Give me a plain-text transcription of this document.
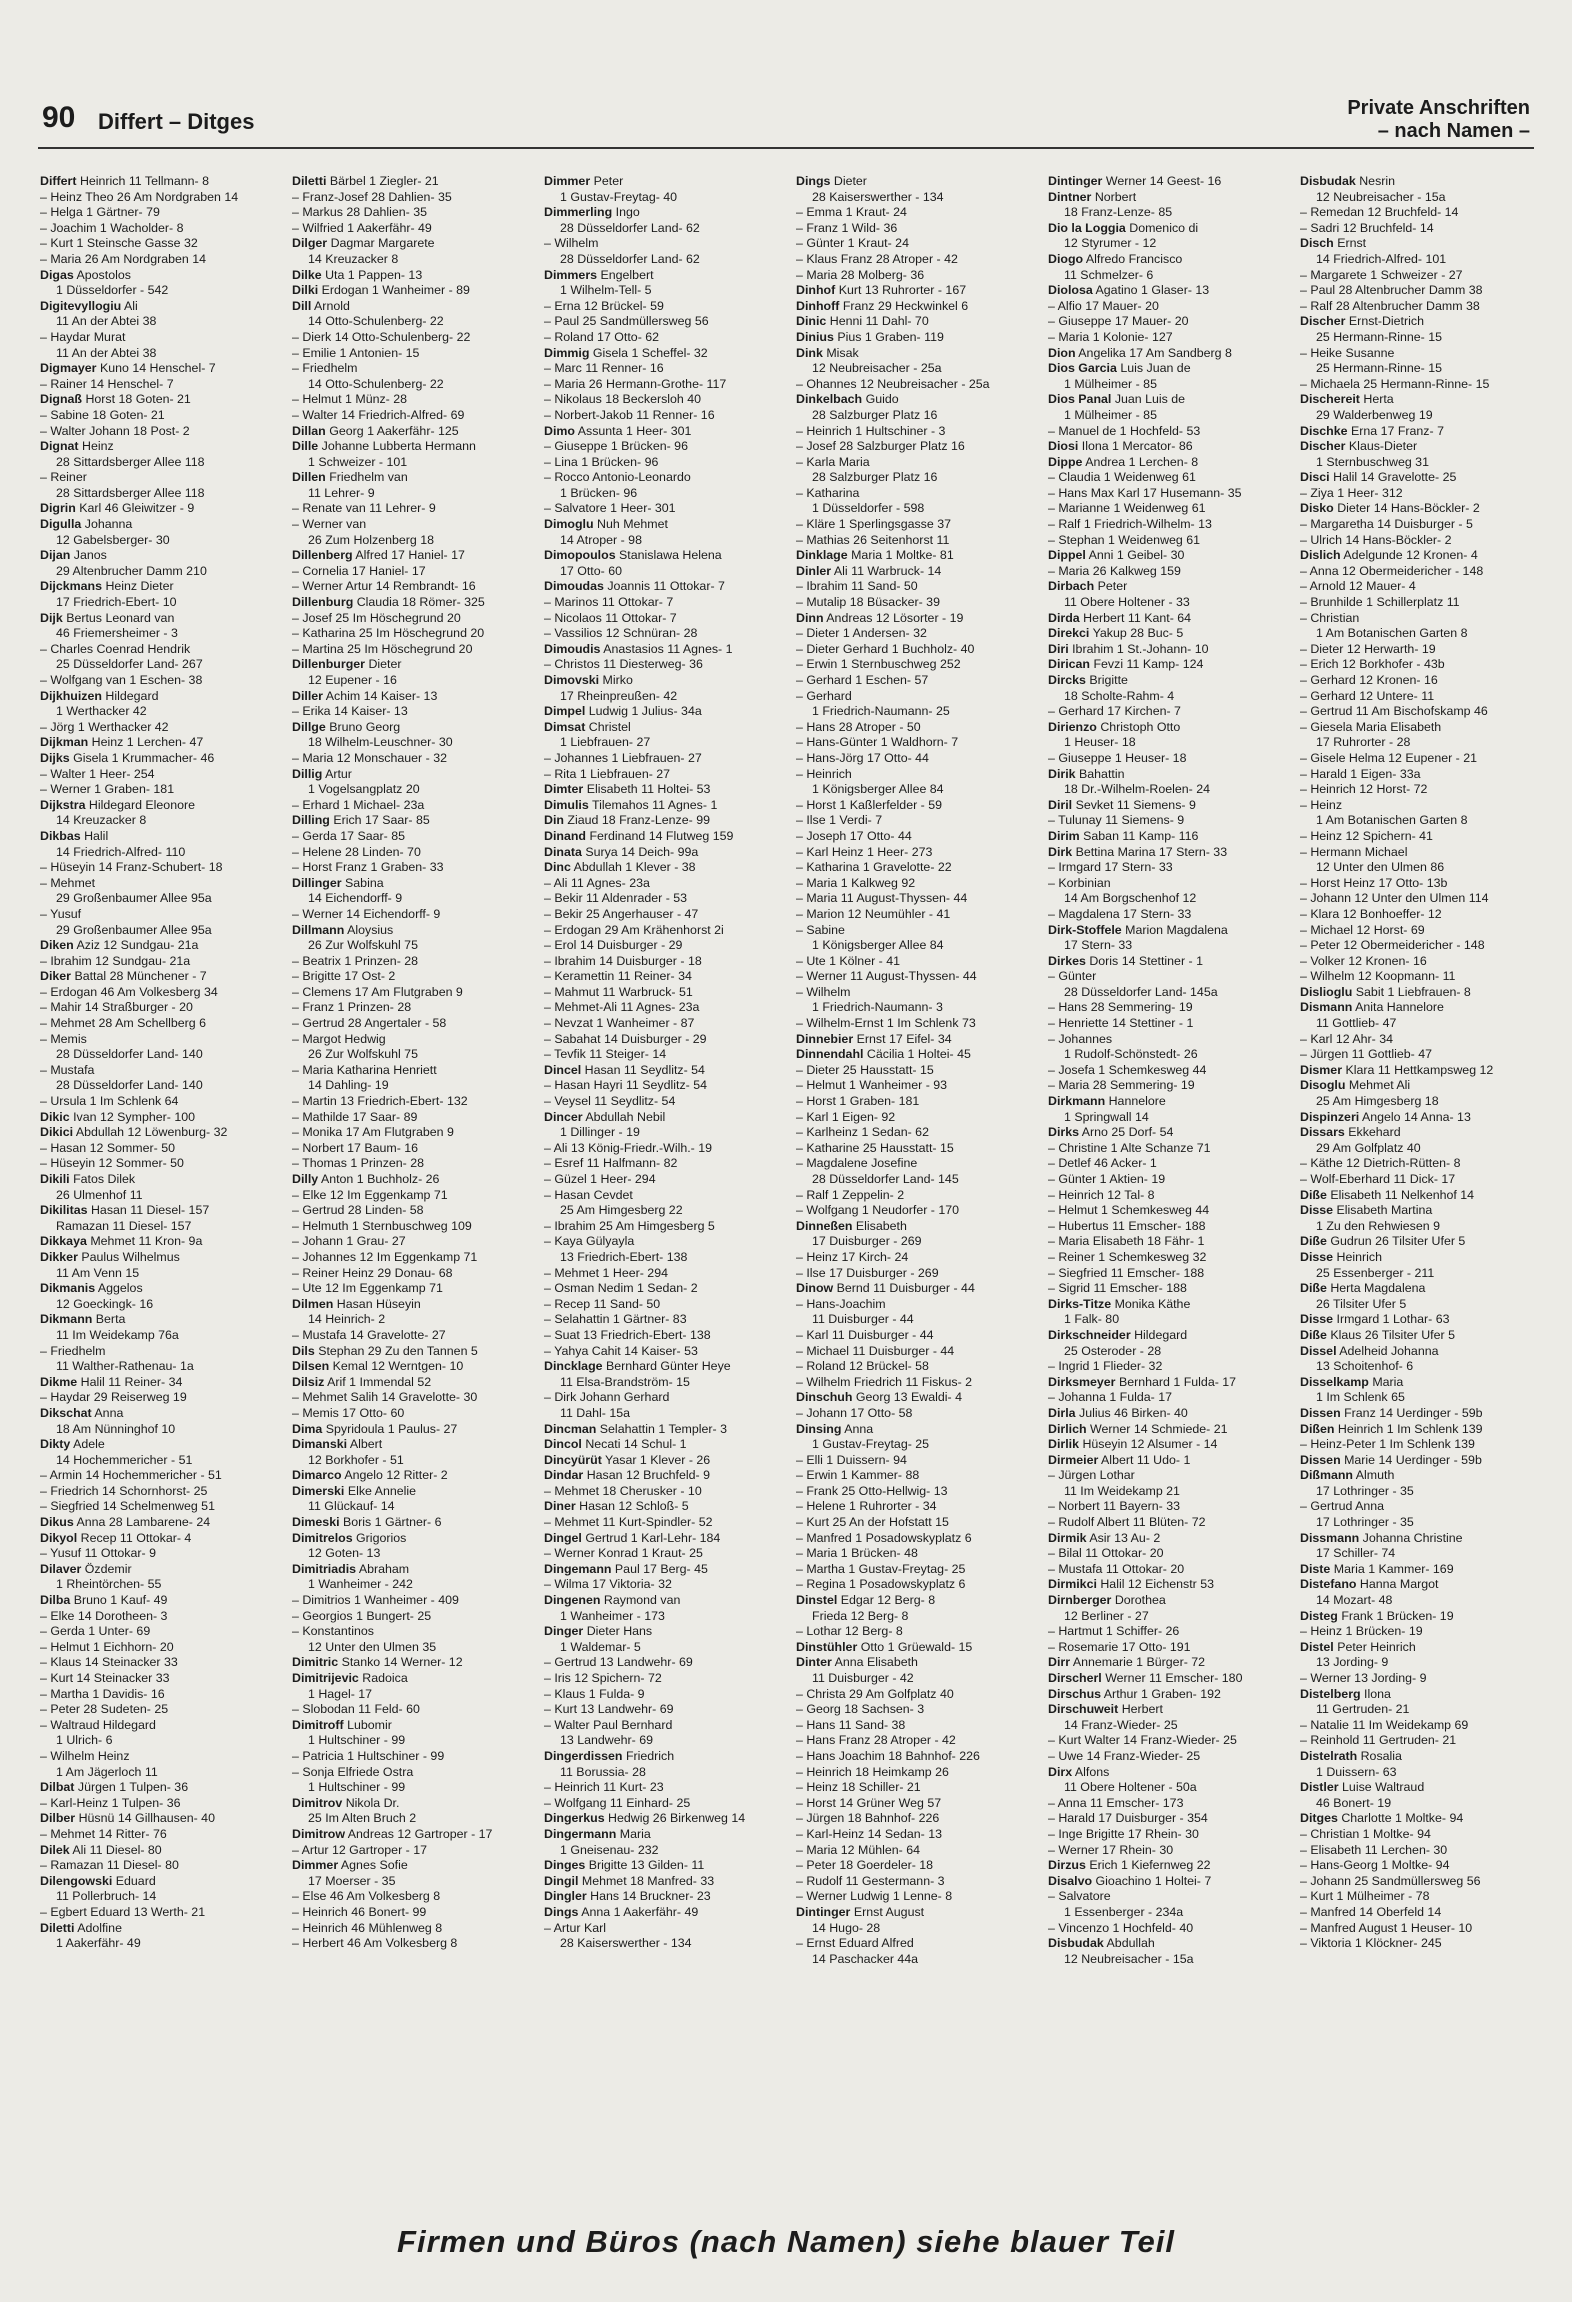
90 Differt – Ditges
Private Anschriften
– nach Namen –
Differt Heinrich 11 Tellmann- 8
– Heinz Theo 26 Am Nordgraben 14
– Helga 1 Gärtner- 79
– Joachim 1 Wacholder- 8
– Kurt 1 Steinsche Gasse 32
– Maria 26 Am Nordgraben 14
Digas Apostolos
1 Düsseldorfer - 542
Digitevyllogiu Ali
11 An der Abtei 38
– Haydar Murat
11 An der Abtei 38
Digmayer Kuno 14 Henschel- 7
– Rainer 14 Henschel- 7
Dignaß Horst 18 Goten- 21
– Sabine 18 Goten- 21
– Walter Johann 18 Post- 2
Dignat Heinz
28 Sittardsberger Allee 118
– Reiner
28 Sittardsberger Allee 118
Digrin Karl 46 Gleiwitzer - 9
Digulla Johanna
12 Gabelsberger- 30
Dijan Janos
29 Altenbrucher Damm 210
Dijckmans Heinz Dieter
17 Friedrich-Ebert- 10
Dijk Bertus Leonard van
46 Friemersheimer - 3
– Charles Coenrad Hendrik
25 Düsseldorfer Land- 267
– Wolfgang van 1 Eschen- 38
Dijkhuizen Hildegard
1 Werthacker 42
– Jörg 1 Werthacker 42
Dijkman Heinz 1 Lerchen- 47
Dijks Gisela 1 Krummacher- 46
– Walter 1 Heer- 254
– Werner 1 Graben- 181
Dijkstra Hildegard Eleonore
14 Kreuzacker 8
Dikbas Halil
14 Friedrich-Alfred- 110
– Hüseyin 14 Franz-Schubert- 18
– Mehmet
29 Großenbaumer Allee 95a
– Yusuf
29 Großenbaumer Allee 95a
Diken Aziz 12 Sundgau- 21a
– Ibrahim 12 Sundgau- 21a
Diker Battal 28 Münchener - 7
– Erdogan 46 Am Volkesberg 34
– Mahir 14 Straßburger - 20
– Mehmet 28 Am Schellberg 6
– Memis
28 Düsseldorfer Land- 140
– Mustafa
28 Düsseldorfer Land- 140
– Ursula 1 Im Schlenk 64
Dikic Ivan 12 Sympher- 100
Dikici Abdullah 12 Löwenburg- 32
– Hasan 12 Sommer- 50
– Hüseyin 12 Sommer- 50
Dikili Fatos Dilek
26 Ulmenhof 11
Dikilitas Hasan 11 Diesel- 157
Ramazan 11 Diesel- 157
Dikkaya Mehmet 11 Kron- 9a
Dikker Paulus Wilhelmus
11 Am Venn 15
Dikmanis Aggelos
12 Goeckingk- 16
Dikmann Berta
11 Im Weidekamp 76a
– Friedhelm
11 Walther-Rathenau- 1a
Dikme Halil 11 Reiner- 34
– Haydar 29 Reiserweg 19
Dikschat Anna
18 Am Nünninghof 10
Dikty Adele
14 Hochemmericher - 51
– Armin 14 Hochemmericher - 51
– Friedrich 14 Schornhorst- 25
– Siegfried 14 Schelmenweg 51
Dikus Anna 28 Lambarene- 24
Dikyol Recep 11 Ottokar- 4
– Yusuf 11 Ottokar- 9
Dilaver Özdemir
1 Rheintörchen- 55
Dilba Bruno 1 Kauf- 49
– Elke 14 Dorotheen- 3
– Gerda 1 Unter- 69
– Helmut 1 Eichhorn- 20
– Klaus 14 Steinacker 33
– Kurt 14 Steinacker 33
– Martha 1 Davidis- 16
– Peter 28 Sudeten- 25
– Waltraud Hildegard
1 Ulrich- 6
– Wilhelm Heinz
1 Am Jägerloch 11
Dilbat Jürgen 1 Tulpen- 36
– Karl-Heinz 1 Tulpen- 36
Dilber Hüsnü 14 Gillhausen- 40
– Mehmet 14 Ritter- 76
Dilek Ali 11 Diesel- 80
– Ramazan 11 Diesel- 80
Dilengowski Eduard
11 Pollerbruch- 14
– Egbert Eduard 13 Werth- 21
Diletti Adolfine
1 Aakerfähr- 49
Diletti Bärbel 1 Ziegler- 21
– Franz-Josef 28 Dahlien- 35
– Markus 28 Dahlien- 35
– Wilfried 1 Aakerfähr- 49
Dilger Dagmar Margarete
14 Kreuzacker 8
Dilke Uta 1 Pappen- 13
Dilki Erdogan 1 Wanheimer - 89
Dill Arnold
14 Otto-Schulenberg- 22
– Dierk 14 Otto-Schulenberg- 22
– Emilie 1 Antonien- 15
– Friedhelm
14 Otto-Schulenberg- 22
– Helmut 1 Münz- 28
– Walter 14 Friedrich-Alfred- 69
Dillan Georg 1 Aakerfähr- 125
Dille Johanne Lubberta Hermann
1 Schweizer - 101
Dillen Friedhelm van
11 Lehrer- 9
– Renate van 11 Lehrer- 9
– Werner van
26 Zum Holzenberg 18
Dillenberg Alfred 17 Haniel- 17
– Cornelia 17 Haniel- 17
– Werner Artur 14 Rembrandt- 16
Dillenburg Claudia 18 Römer- 325
– Josef 25 Im Höschegrund 20
– Katharina 25 Im Höschegrund 20
– Martina 25 Im Höschegrund 20
Dillenburger Dieter
12 Eupener - 16
Diller Achim 14 Kaiser- 13
– Erika 14 Kaiser- 13
Dillge Bruno Georg
18 Wilhelm-Leuschner- 30
– Maria 12 Monschauer - 32
Dillig Artur
1 Vogelsangplatz 20
– Erhard 1 Michael- 23a
Dilling Erich 17 Saar- 85
– Gerda 17 Saar- 85
– Helene 28 Linden- 70
– Horst Franz 1 Graben- 33
Dillinger Sabina
14 Eichendorff- 9
– Werner 14 Eichendorff- 9
Dillmann Aloysius
26 Zur Wolfskuhl 75
– Beatrix 1 Prinzen- 28
– Brigitte 17 Ost- 2
– Clemens 17 Am Flutgraben 9
– Franz 1 Prinzen- 28
– Gertrud 28 Angertaler - 58
– Margot Hedwig
26 Zur Wolfskuhl 75
– Maria Katharina Henriett
14 Dahling- 19
– Martin 13 Friedrich-Ebert- 132
– Mathilde 17 Saar- 89
– Monika 17 Am Flutgraben 9
– Norbert 17 Baum- 16
– Thomas 1 Prinzen- 28
Dilly Anton 1 Buchholz- 26
– Elke 12 Im Eggenkamp 71
– Gertrud 28 Linden- 58
– Helmuth 1 Sternbuschweg 109
– Johann 1 Grau- 27
– Johannes 12 Im Eggenkamp 71
– Reiner Heinz 29 Donau- 68
– Ute 12 Im Eggenkamp 71
Dilmen Hasan Hüseyin
14 Heinrich- 2
– Mustafa 14 Gravelotte- 27
Dils Stephan 29 Zu den Tannen 5
Dilsen Kemal 12 Werntgen- 10
Dilsiz Arif 1 Immendal 52
– Mehmet Salih 14 Gravelotte- 30
– Memis 17 Otto- 60
Dima Spyridoula 1 Paulus- 27
Dimanski Albert
12 Borkhofer - 51
Dimarco Angelo 12 Ritter- 2
Dimerski Elke Annelie
11 Glückauf- 14
Dimeski Boris 1 Gärtner- 6
Dimitrelos Grigorios
12 Goten- 13
Dimitriadis Abraham
1 Wanheimer - 242
– Dimitrios 1 Wanheimer - 409
– Georgios 1 Bungert- 25
– Konstantinos
12 Unter den Ulmen 35
Dimitric Stanko 14 Werner- 12
Dimitrijevic Radoica
1 Hagel- 17
– Slobodan 11 Feld- 60
Dimitroff Lubomir
1 Hultschiner - 99
– Patricia 1 Hultschiner - 99
– Sonja Elfriede Ostra
1 Hultschiner - 99
Dimitrov Nikola Dr.
25 Im Alten Bruch 2
Dimitrow Andreas 12 Gartroper - 17
– Artur 12 Gartroper - 17
Dimmer Agnes Sofie
17 Moerser - 35
– Else 46 Am Volkesberg 8
– Heinrich 46 Bonert- 99
– Heinrich 46 Mühlenweg 8
– Herbert 46 Am Volkesberg 8
Dimmer Peter
1 Gustav-Freytag- 40
Dimmerling Ingo
28 Düsseldorfer Land- 62
– Wilhelm
28 Düsseldorfer Land- 62
Dimmers Engelbert
1 Wilhelm-Tell- 5
– Erna 12 Brückel- 59
– Paul 25 Sandmüllersweg 56
– Roland 17 Otto- 62
Dimmig Gisela 1 Scheffel- 32
– Marc 11 Renner- 16
– Maria 26 Hermann-Grothe- 117
– Nikolaus 18 Beckersloh 40
– Norbert-Jakob 11 Renner- 16
Dimo Assunta 1 Heer- 301
– Giuseppe 1 Brücken- 96
– Lina 1 Brücken- 96
– Rocco Antonio-Leonardo
1 Brücken- 96
– Salvatore 1 Heer- 301
Dimoglu Nuh Mehmet
14 Atroper - 98
Dimopoulos Stanislawa Helena
17 Otto- 60
Dimoudas Joannis 11 Ottokar- 7
– Marinos 11 Ottokar- 7
– Nicolaos 11 Ottokar- 7
– Vassilios 12 Schnüran- 28
Dimoudis Anastasios 11 Agnes- 1
– Christos 11 Diesterweg- 36
Dimovski Mirko
17 Rheinpreußen- 42
Dimpel Ludwig 1 Julius- 34a
Dimsat Christel
1 Liebfrauen- 27
– Johannes 1 Liebfrauen- 27
– Rita 1 Liebfrauen- 27
Dimter Elisabeth 11 Holtei- 53
Dimulis Tilemahos 11 Agnes- 1
Din Ziaud 18 Franz-Lenze- 99
Dinand Ferdinand 14 Flutweg 159
Dinata Surya 14 Deich- 99a
Dinc Abdullah 1 Klever - 38
– Ali 11 Agnes- 23a
– Bekir 11 Aldenrader - 53
– Bekir 25 Angerhauser - 47
– Erdogan 29 Am Krähenhorst 2i
– Erol 14 Duisburger - 29
– Ibrahim 14 Duisburger - 18
– Keramettin 11 Reiner- 34
– Mahmut 11 Warbruck- 51
– Mehmet-Ali 11 Agnes- 23a
– Nevzat 1 Wanheimer - 87
– Sabahat 14 Duisburger - 29
– Tevfik 11 Steiger- 14
Dincel Hasan 11 Seydlitz- 54
– Hasan Hayri 11 Seydlitz- 54
– Veysel 11 Seydlitz- 54
Dincer Abdullah Nebil
1 Dillinger - 19
– Ali 13 König-Friedr.-Wilh.- 19
– Esref 11 Halfmann- 82
– Güzel 1 Heer- 294
– Hasan Cevdet
25 Am Himgesberg 22
– Ibrahim 25 Am Himgesberg 5
– Kaya Gülyayla
13 Friedrich-Ebert- 138
– Mehmet 1 Heer- 294
– Osman Nedim 1 Sedan- 2
– Recep 11 Sand- 50
– Selahattin 1 Gärtner- 83
– Suat 13 Friedrich-Ebert- 138
– Yahya Cahit 14 Kaiser- 53
Dincklage Bernhard Günter Heye
11 Elsa-Brandström- 15
– Dirk Johann Gerhard
11 Dahl- 15a
Dincman Selahattin 1 Templer- 3
Dincol Necati 14 Schul- 1
Dincyürüt Yasar 1 Klever - 26
Dindar Hasan 12 Bruchfeld- 9
– Mehmet 18 Cherusker - 10
Diner Hasan 12 Schloß- 5
– Mehmet 11 Kurt-Spindler- 52
Dingel Gertrud 1 Karl-Lehr- 184
– Werner Konrad 1 Kraut- 25
Dingemann Paul 17 Berg- 45
– Wilma 17 Viktoria- 32
Dingenen Raymond van
1 Wanheimer - 173
Dinger Dieter Hans
1 Waldemar- 5
– Gertrud 13 Landwehr- 69
– Iris 12 Spichern- 72
– Klaus 1 Fulda- 9
– Kurt 13 Landwehr- 69
– Walter Paul Bernhard
13 Landwehr- 69
Dingerdissen Friedrich
11 Borussia- 28
– Heinrich 11 Kurt- 23
– Wolfgang 11 Einhard- 25
Dingerkus Hedwig 26 Birkenweg 14
Dingermann Maria
1 Gneisenau- 232
Dinges Brigitte 13 Gilden- 11
Dingil Mehmet 18 Manfred- 33
Dingler Hans 14 Bruckner- 23
Dings Anna 1 Aakerfähr- 49
– Artur Karl
28 Kaiserswerther - 134
Dings Dieter
28 Kaiserswerther - 134
– Emma 1 Kraut- 24
– Franz 1 Wild- 36
– Günter 1 Kraut- 24
– Klaus Franz 28 Atroper - 42
– Maria 28 Molberg- 36
Dinhof Kurt 13 Ruhrorter - 167
Dinhoff Franz 29 Heckwinkel 6
Dinic Henni 11 Dahl- 70
Dinius Pius 1 Graben- 119
Dink Misak
12 Neubreisacher - 25a
– Ohannes 12 Neubreisacher - 25a
Dinkelbach Guido
28 Salzburger Platz 16
– Heinrich 1 Hultschiner - 3
– Josef 28 Salzburger Platz 16
– Karla Maria
28 Salzburger Platz 16
– Katharina
1 Düsseldorfer - 598
– Kläre 1 Sperlingsgasse 37
– Mathias 26 Seitenhorst 11
Dinklage Maria 1 Moltke- 81
Dinler Ali 11 Warbruck- 14
– Ibrahim 11 Sand- 50
– Mutalip 18 Büsacker- 39
Dinn Andreas 12 Lösorter - 19
– Dieter 1 Andersen- 32
– Dieter Gerhard 1 Buchholz- 40
– Erwin 1 Sternbuschweg 252
– Gerhard 1 Eschen- 57
– Gerhard
1 Friedrich-Naumann- 25
– Hans 28 Atroper - 50
– Hans-Günter 1 Waldhorn- 7
– Hans-Jörg 17 Otto- 44
– Heinrich
1 Königsberger Allee 84
– Horst 1 Kaßlerfelder - 59
– Ilse 1 Verdi- 7
– Joseph 17 Otto- 44
– Karl Heinz 1 Heer- 273
– Katharina 1 Gravelotte- 22
– Maria 1 Kalkweg 92
– Maria 11 August-Thyssen- 44
– Marion 12 Neumühler - 41
– Sabine
1 Königsberger Allee 84
– Ute 1 Kölner - 41
– Werner 11 August-Thyssen- 44
– Wilhelm
1 Friedrich-Naumann- 3
– Wilhelm-Ernst 1 Im Schlenk 73
Dinnebier Ernst 17 Eifel- 34
Dinnendahl Cäcilia 1 Holtei- 45
– Dieter 25 Hausstatt- 15
– Helmut 1 Wanheimer - 93
– Horst 1 Graben- 181
– Karl 1 Eigen- 92
– Karlheinz 1 Sedan- 62
– Katharine 25 Hausstatt- 15
– Magdalene Josefine
28 Düsseldorfer Land- 145
– Ralf 1 Zeppelin- 2
– Wolfgang 1 Neudorfer - 170
Dinneßen Elisabeth
17 Duisburger - 269
– Heinz 17 Kirch- 24
– Ilse 17 Duisburger - 269
Dinow Bernd 11 Duisburger - 44
– Hans-Joachim
11 Duisburger - 44
– Karl 11 Duisburger - 44
– Michael 11 Duisburger - 44
– Roland 12 Brückel- 58
– Wilhelm Friedrich 11 Fiskus- 2
Dinschuh Georg 13 Ewaldi- 4
– Johann 17 Otto- 58
Dinsing Anna
1 Gustav-Freytag- 25
– Elli 1 Duissern- 94
– Erwin 1 Kammer- 88
– Frank 25 Otto-Hellwig- 13
– Helene 1 Ruhrorter - 34
– Kurt 25 An der Hofstatt 15
– Manfred 1 Posadowskyplatz 6
– Maria 1 Brücken- 48
– Martha 1 Gustav-Freytag- 25
– Regina 1 Posadowskyplatz 6
Dinstel Edgar 12 Berg- 8
Frieda 12 Berg- 8
– Lothar 12 Berg- 8
Dinstühler Otto 1 Grüewald- 15
Dinter Anna Elisabeth
11 Duisburger - 42
– Christa 29 Am Golfplatz 40
– Georg 18 Sachsen- 3
– Hans 11 Sand- 38
– Hans Franz 28 Atroper - 42
– Hans Joachim 18 Bahnhof- 226
– Heinrich 18 Heimkamp 26
– Heinz 18 Schiller- 21
– Horst 14 Grüner Weg 57
– Jürgen 18 Bahnhof- 226
– Karl-Heinz 14 Sedan- 13
– Maria 12 Mühlen- 64
– Peter 18 Goerdeler- 18
– Rudolf 11 Gestermann- 3
– Werner Ludwig 1 Lenne- 8
Dintinger Ernst August
14 Hugo- 28
– Ernst Eduard Alfred
14 Paschacker 44a
Dintinger Werner 14 Geest- 16
Dintner Norbert
18 Franz-Lenze- 85
Dio la Loggia Domenico di
12 Styrumer - 12
Diogo Alfredo Francisco
11 Schmelzer- 6
Diolosa Agatino 1 Glaser- 13
– Alfio 17 Mauer- 20
– Giuseppe 17 Mauer- 20
– Maria 1 Kolonie- 127
Dion Angelika 17 Am Sandberg 8
Dios Garcia Luis Juan de
1 Mülheimer - 85
Dios Panal Juan Luis de
1 Mülheimer - 85
– Manuel de 1 Hochfeld- 53
Diosi Ilona 1 Mercator- 86
Dippe Andrea 1 Lerchen- 8
– Claudia 1 Weidenweg 61
– Hans Max Karl 17 Husemann- 35
– Marianne 1 Weidenweg 61
– Ralf 1 Friedrich-Wilhelm- 13
– Stephan 1 Weidenweg 61
Dippel Anni 1 Geibel- 30
– Maria 26 Kalkweg 159
Dirbach Peter
11 Obere Holtener - 33
Dirda Herbert 11 Kant- 64
Direkci Yakup 28 Buc- 5
Diri Ibrahim 1 St.-Johann- 10
Dirican Fevzi 11 Kamp- 124
Dircks Brigitte
18 Scholte-Rahm- 4
– Gerhard 17 Kirchen- 7
Dirienzo Christoph Otto
1 Heuser- 18
– Giuseppe 1 Heuser- 18
Dirik Bahattin
18 Dr.-Wilhelm-Roelen- 24
Diril Sevket 11 Siemens- 9
– Tulunay 11 Siemens- 9
Dirim Saban 11 Kamp- 116
Dirk Bettina Marina 17 Stern- 33
– Irmgard 17 Stern- 33
– Korbinian
14 Am Borgschenhof 12
– Magdalena 17 Stern- 33
Dirk-Stoffele Marion Magdalena
17 Stern- 33
Dirkes Doris 14 Stettiner - 1
– Günter
28 Düsseldorfer Land- 145a
– Hans 28 Semmering- 19
– Henriette 14 Stettiner - 1
– Johannes
1 Rudolf-Schönstedt- 26
– Josefa 1 Schemkesweg 44
– Maria 28 Semmering- 19
Dirkmann Hannelore
1 Springwall 14
Dirks Arno 25 Dorf- 54
– Christine 1 Alte Schanze 71
– Detlef 46 Acker- 1
– Günter 1 Aktien- 19
– Heinrich 12 Tal- 8
– Helmut 1 Schemkesweg 44
– Hubertus 11 Emscher- 188
– Maria Elisabeth 18 Fähr- 1
– Reiner 1 Schemkesweg 32
– Siegfried 11 Emscher- 188
– Sigrid 11 Emscher- 188
Dirks-Titze Monika Käthe
1 Falk- 80
Dirkschneider Hildegard
25 Osteroder - 28
– Ingrid 1 Flieder- 32
Dirksmeyer Bernhard 1 Fulda- 17
– Johanna 1 Fulda- 17
Dirla Julius 46 Birken- 40
Dirlich Werner 14 Schmiede- 21
Dirlik Hüseyin 12 Alsumer - 14
Dirmeier Albert 11 Udo- 1
– Jürgen Lothar
11 Im Weidekamp 21
– Norbert 11 Bayern- 33
– Rudolf Albert 11 Blüten- 72
Dirmik Asir 13 Au- 2
– Bilal 11 Ottokar- 20
– Mustafa 11 Ottokar- 20
Dirmikci Halil 12 Eichenstr 53
Dirnberger Dorothea
12 Berliner - 27
– Hartmut 1 Schiffer- 26
– Rosemarie 17 Otto- 191
Dirr Annemarie 1 Bürger- 72
Dirscherl Werner 11 Emscher- 180
Dirschus Arthur 1 Graben- 192
Dirschuweit Herbert
14 Franz-Wieder- 25
– Kurt Walter 14 Franz-Wieder- 25
– Uwe 14 Franz-Wieder- 25
Dirx Alfons
11 Obere Holtener - 50a
– Anna 11 Emscher- 173
– Harald 17 Duisburger - 354
– Inge Brigitte 17 Rhein- 30
– Werner 17 Rhein- 30
Dirzus Erich 1 Kiefernweg 22
Disalvo Gioachino 1 Holtei- 7
– Salvatore
1 Essenberger - 234a
– Vincenzo 1 Hochfeld- 40
Disbudak Abdullah
12 Neubreisacher - 15a
Disbudak Nesrin
12 Neubreisacher - 15a
– Remedan 12 Bruchfeld- 14
– Sadri 12 Bruchfeld- 14
Disch Ernst
14 Friedrich-Alfred- 101
– Margarete 1 Schweizer - 27
– Paul 28 Altenbrucher Damm 38
– Ralf 28 Altenbrucher Damm 38
Discher Ernst-Dietrich
25 Hermann-Rinne- 15
– Heike Susanne
25 Hermann-Rinne- 15
– Michaela 25 Hermann-Rinne- 15
Dischereit Herta
29 Walderbenweg 19
Dischke Erna 17 Franz- 7
Discher Klaus-Dieter
1 Sternbuschweg 31
Disci Halil 14 Gravelotte- 25
– Ziya 1 Heer- 312
Disko Dieter 14 Hans-Böckler- 2
– Margaretha 14 Duisburger - 5
– Ulrich 14 Hans-Böckler- 2
Dislich Adelgunde 12 Kronen- 4
– Anna 12 Obermeidericher - 148
– Arnold 12 Mauer- 4
– Brunhilde 1 Schillerplatz 11
– Christian
1 Am Botanischen Garten 8
– Dieter 12 Herwarth- 19
– Erich 12 Borkhofer - 43b
– Gerhard 12 Kronen- 16
– Gerhard 12 Untere- 11
– Gertrud 11 Am Bischofskamp 46
– Giesela Maria Elisabeth
17 Ruhrorter - 28
– Gisele Helma 12 Eupener - 21
– Harald 1 Eigen- 33a
– Heinrich 12 Horst- 72
– Heinz
1 Am Botanischen Garten 8
– Heinz 12 Spichern- 41
– Hermann Michael
12 Unter den Ulmen 86
– Horst Heinz 17 Otto- 13b
– Johann 12 Unter den Ulmen 114
– Klara 12 Bonhoeffer- 12
– Michael 12 Horst- 69
– Peter 12 Obermeidericher - 148
– Volker 12 Kronen- 16
– Wilhelm 12 Koopmann- 11
Dislioglu Sabit 1 Liebfrauen- 8
Dismann Anita Hannelore
11 Gottlieb- 47
– Karl 12 Ahr- 34
– Jürgen 11 Gottlieb- 47
Dismer Klara 11 Hettkampsweg 12
Disoglu Mehmet Ali
25 Am Himgesberg 18
Dispinzeri Angelo 14 Anna- 13
Dissars Ekkehard
29 Am Golfplatz 40
– Käthe 12 Dietrich-Rütten- 8
– Wolf-Eberhard 11 Dick- 17
Diße Elisabeth 11 Nelkenhof 14
Disse Elisabeth Martina
1 Zu den Rehwiesen 9
Diße Gudrun 26 Tilsiter Ufer 5
Disse Heinrich
25 Essenberger - 211
Diße Herta Magdalena
26 Tilsiter Ufer 5
Disse Irmgard 1 Lothar- 63
Diße Klaus 26 Tilsiter Ufer 5
Dissel Adelheid Johanna
13 Schoitenhof- 6
Disselkamp Maria
1 Im Schlenk 65
Dissen Franz 14 Uerdinger - 59b
Dißen Heinrich 1 Im Schlenk 139
– Heinz-Peter 1 Im Schlenk 139
Dissen Marie 14 Uerdinger - 59b
Dißmann Almuth
17 Lothringer - 35
– Gertrud Anna
17 Lothringer - 35
Dissmann Johanna Christine
17 Schiller- 74
Diste Maria 1 Kammer- 169
Distefano Hanna Margot
14 Mozart- 48
Disteg Frank 1 Brücken- 19
– Heinz 1 Brücken- 19
Distel Peter Heinrich
13 Jording- 9
– Werner 13 Jording- 9
Distelberg Ilona
11 Gertruden- 21
– Natalie 11 Im Weidekamp 69
– Reinhold 11 Gertruden- 21
Distelrath Rosalia
1 Duissern- 63
Distler Luise Waltraud
46 Bonert- 19
Ditges Charlotte 1 Moltke- 94
– Christian 1 Moltke- 94
– Elisabeth 11 Lerchen- 30
– Hans-Georg 1 Moltke- 94
– Johann 25 Sandmüllersweg 56
– Kurt 1 Mülheimer - 78
– Manfred 14 Oberfeld 14
– Manfred August 1 Heuser- 10
– Viktoria 1 Klöckner- 245
Firmen und Büros (nach Namen) siehe blauer Teil
